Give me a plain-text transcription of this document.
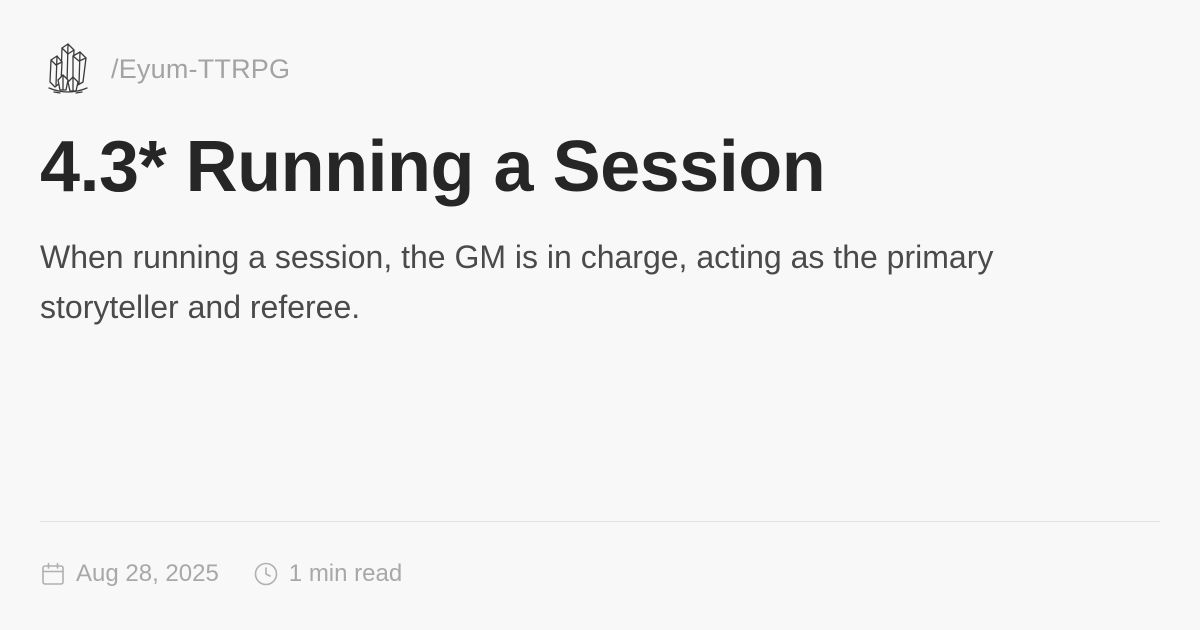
/Eyum-TTRPG
4.3* Running a Session

When running a session, the GM is in charge, acting as the primary storyteller and referee.

Aug 28, 2025	1 min read
